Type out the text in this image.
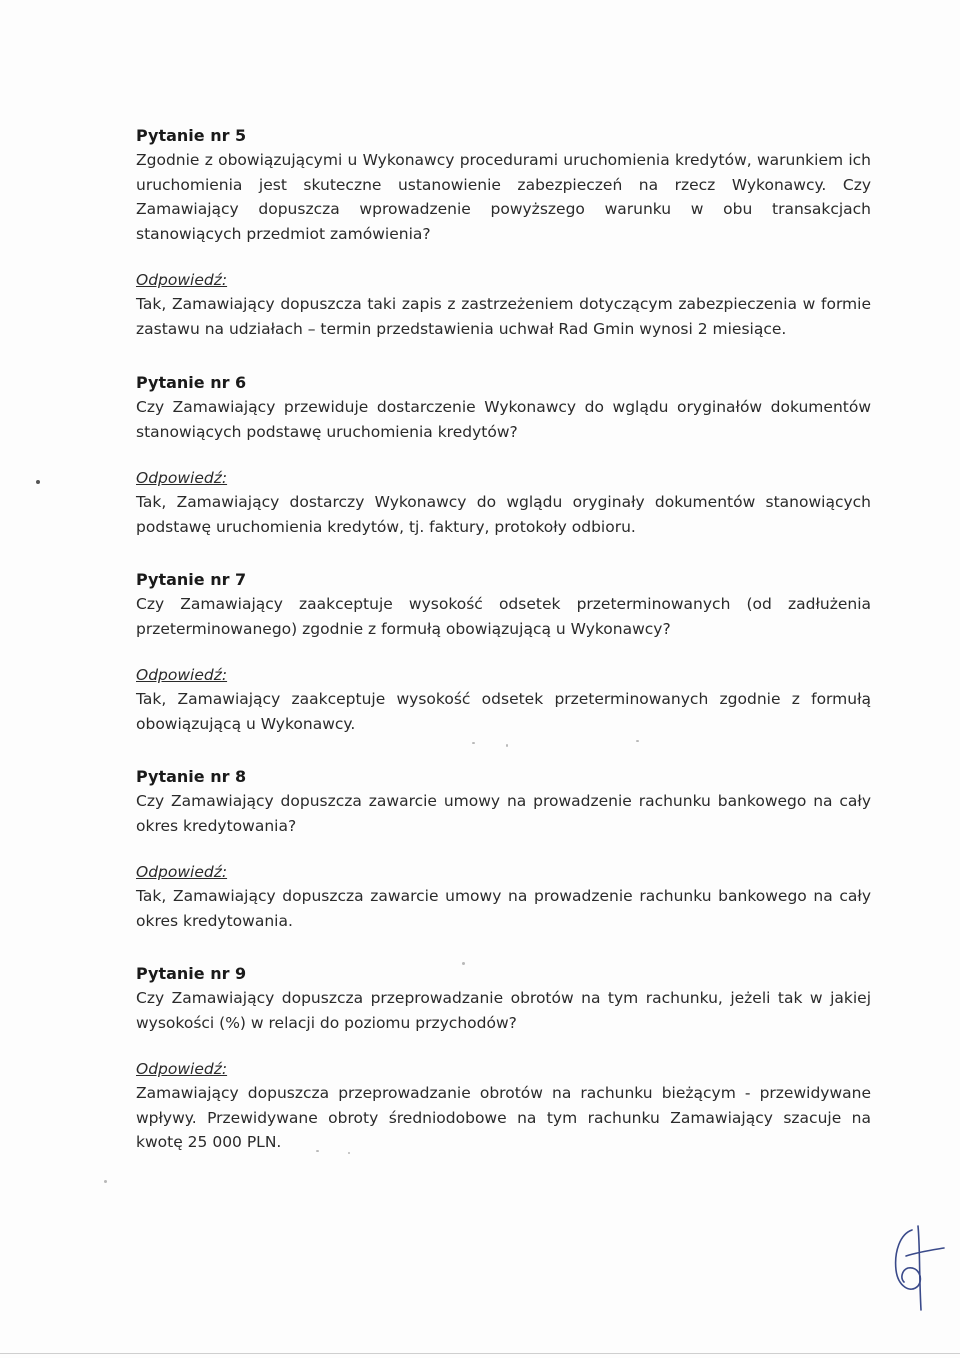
Pytanie nr 5

Zgodnie z obowiązującymi u Wykonawcy procedurami uruchomienia kredytów, warunkiem ich uruchomienia jest skuteczne ustanowienie zabezpieczeń na rzecz Wykonawcy. Czy Zamawiający dopuszcza wprowadzenie powyższego warunku w obu transakcjach stanowiących przedmiot zamówienia?

Odpowiedź:

Tak, Zamawiający dopuszcza taki zapis z zastrzeżeniem dotyczącym zabezpieczenia w formie zastawu na udziałach – termin przedstawienia uchwał Rad Gmin wynosi 2 miesiące.

Pytanie nr 6

Czy Zamawiający przewiduje dostarczenie Wykonawcy do wglądu oryginałów dokumentów stanowiących podstawę uruchomienia kredytów?

Odpowiedź:

Tak, Zamawiający dostarczy Wykonawcy do wglądu oryginały dokumentów stanowiących podstawę uruchomienia kredytów, tj. faktury, protokoły odbioru.

Pytanie nr 7

Czy Zamawiający zaakceptuje wysokość odsetek przeterminowanych (od zadłużenia przeterminowanego) zgodnie z formułą obowiązującą u Wykonawcy?

Odpowiedź:

Tak, Zamawiający zaakceptuje wysokość odsetek przeterminowanych zgodnie z formułą obowiązującą u Wykonawcy.

Pytanie nr 8

Czy Zamawiający dopuszcza zawarcie umowy na prowadzenie rachunku bankowego na cały okres kredytowania?

Odpowiedź:

Tak, Zamawiający dopuszcza zawarcie umowy na prowadzenie rachunku bankowego na cały okres kredytowania.

Pytanie nr 9

Czy Zamawiający dopuszcza przeprowadzanie obrotów na tym rachunku, jeżeli tak w jakiej wysokości (%) w relacji do poziomu przychodów?

Odpowiedź:

Zamawiający dopuszcza przeprowadzanie obrotów na rachunku bieżącym - przewidywane wpływy. Przewidywane obroty średniodobowe na tym rachunku Zamawiający szacuje na kwotę 25 000 PLN.
